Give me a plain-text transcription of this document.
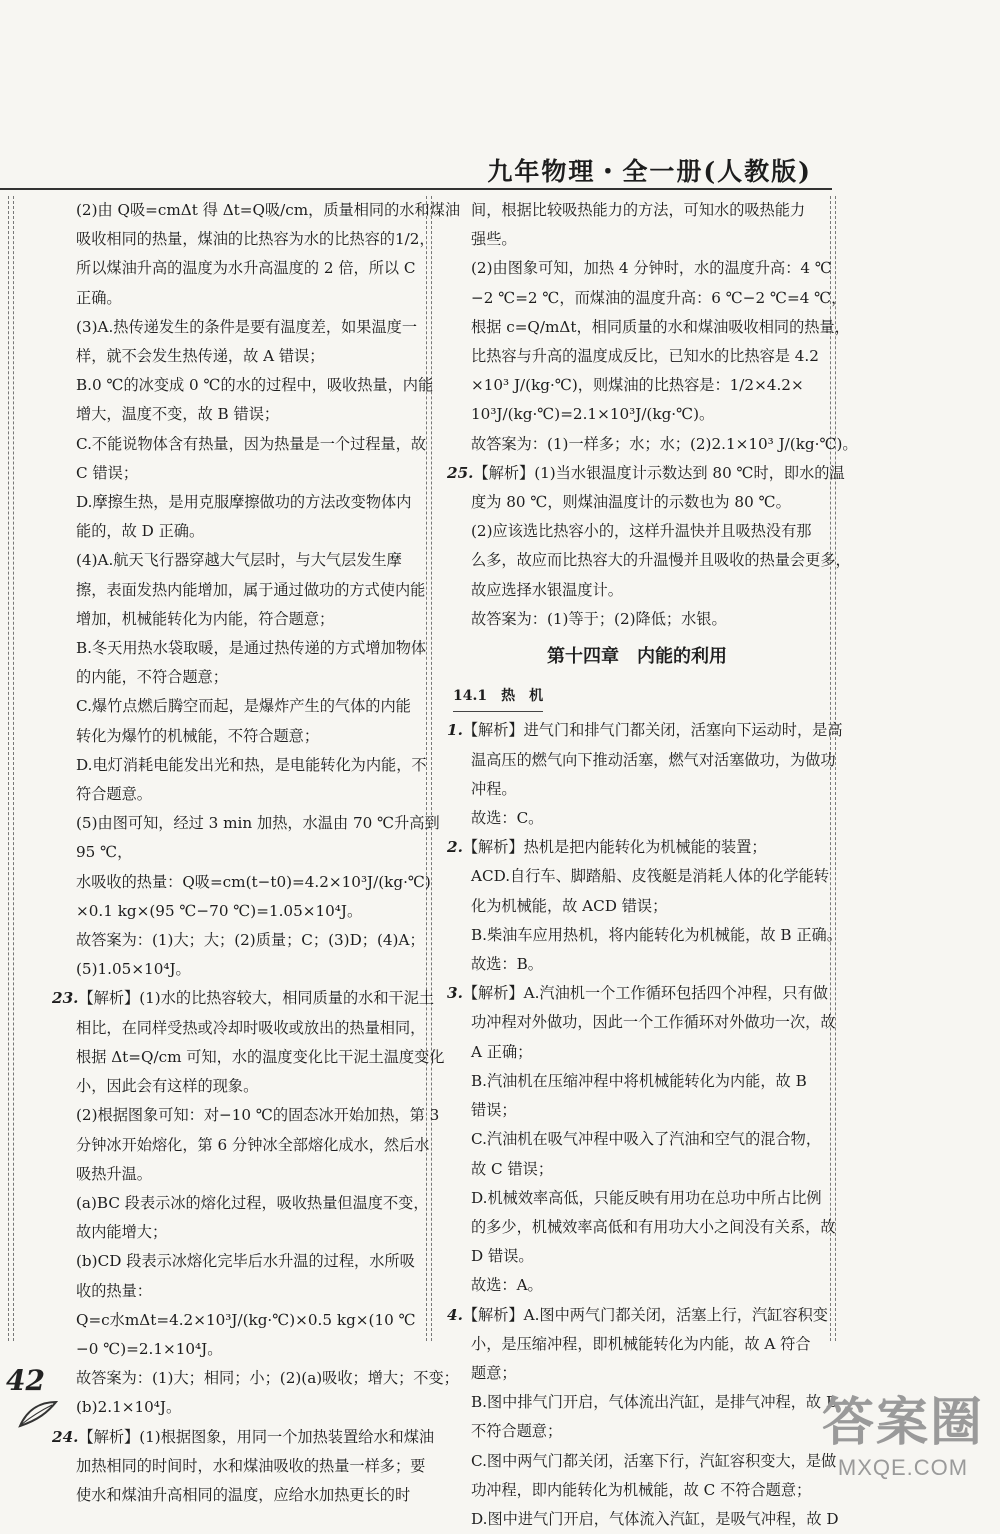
九年物理・全一册(人教版)
(2)由 Q吸=cmΔt 得 Δt=Q吸/cm，质量相同的水和煤油
吸收相同的热量，煤油的比热容为水的比热容的1/2，
所以煤油升高的温度为水升高温度的 2 倍，所以 C
正确。
(3)A.热传递发生的条件是要有温度差，如果温度一
样，就不会发生热传递，故 A 错误；
B.0 ℃的冰变成 0 ℃的水的过程中，吸收热量，内能
增大，温度不变，故 B 错误；
C.不能说物体含有热量，因为热量是一个过程量，故
C 错误；
D.摩擦生热，是用克服摩擦做功的方法改变物体内
能的，故 D 正确。
(4)A.航天飞行器穿越大气层时，与大气层发生摩
擦，表面发热内能增加，属于通过做功的方式使内能
增加，机械能转化为内能，符合题意；
B.冬天用热水袋取暖，是通过热传递的方式增加物体
的内能，不符合题意；
C.爆竹点燃后腾空而起，是爆炸产生的气体的内能
转化为爆竹的机械能，不符合题意；
D.电灯消耗电能发出光和热，是电能转化为内能，不
符合题意。
(5)由图可知，经过 3 min 加热，水温由 70 ℃升高到
95 ℃，
水吸收的热量：Q吸=cm(t−t0)=4.2×10³J/(kg·℃)
×0.1 kg×(95 ℃−70 ℃)=1.05×10⁴J。
故答案为：(1)大；大；(2)质量；C；(3)D；(4)A；
(5)1.05×10⁴J。
23.【解析】(1)水的比热容较大，相同质量的水和干泥土
相比，在同样受热或冷却时吸收或放出的热量相同，
根据 Δt=Q/cm 可知，水的温度变化比干泥土温度变化
小，因此会有这样的现象。
(2)根据图象可知：对−10 ℃的固态冰开始加热，第 3
分钟冰开始熔化，第 6 分钟冰全部熔化成水，然后水
吸热升温。
(a)BC 段表示冰的熔化过程，吸收热量但温度不变，
故内能增大；
(b)CD 段表示冰熔化完毕后水升温的过程，水所吸
收的热量：
Q=c水mΔt=4.2×10³J/(kg·℃)×0.5 kg×(10 ℃
−0 ℃)=2.1×10⁴J。
故答案为：(1)大；相同；小；(2)(a)吸收；增大；不变；
(b)2.1×10⁴J。
24.【解析】(1)根据图象，用同一个加热装置给水和煤油
加热相同的时间时，水和煤油吸收的热量一样多；要
使水和煤油升高相同的温度，应给水加热更长的时
间，根据比较吸热能力的方法，可知水的吸热能力
强些。
(2)由图象可知，加热 4 分钟时，水的温度升高：4 ℃
−2 ℃=2 ℃，而煤油的温度升高：6 ℃−2 ℃=4 ℃，
根据 c=Q/mΔt，相同质量的水和煤油吸收相同的热量，
比热容与升高的温度成反比，已知水的比热容是 4.2
×10³ J/(kg·℃)，则煤油的比热容是：1/2×4.2×
10³J/(kg·℃)=2.1×10³J/(kg·℃)。
故答案为：(1)一样多；水；水；(2)2.1×10³ J/(kg·℃)。
25.【解析】(1)当水银温度计示数达到 80 ℃时，即水的温
度为 80 ℃，则煤油温度计的示数也为 80 ℃。
(2)应该选比热容小的，这样升温快并且吸热没有那
么多，故应而比热容大的升温慢并且吸收的热量会更多，
故应选择水银温度计。
故答案为：(1)等于；(2)降低；水银。
第十四章　内能的利用
14.1　热　机
1.【解析】进气门和排气门都关闭，活塞向下运动时，是高
温高压的燃气向下推动活塞，燃气对活塞做功，为做功
冲程。
故选：C。
2.【解析】热机是把内能转化为机械能的装置；
ACD.自行车、脚踏船、皮筏艇是消耗人体的化学能转
化为机械能，故 ACD 错误；
B.柴油车应用热机，将内能转化为机械能，故 B 正确。
故选：B。
3.【解析】A.汽油机一个工作循环包括四个冲程，只有做
功冲程对外做功，因此一个工作循环对外做功一次，故
A 正确；
B.汽油机在压缩冲程中将机械能转化为内能，故 B
错误；
C.汽油机在吸气冲程中吸入了汽油和空气的混合物，
故 C 错误；
D.机械效率高低，只能反映有用功在总功中所占比例
的多少，机械效率高低和有用功大小之间没有关系，故
D 错误。
故选：A。
4.【解析】A.图中两气门都关闭，活塞上行，汽缸容积变
小，是压缩冲程，即机械能转化为内能，故 A 符合
题意；
B.图中排气门开启，气体流出汽缸，是排气冲程，故 B
不符合题意；
C.图中两气门都关闭，活塞下行，汽缸容积变大，是做
功冲程，即内能转化为机械能，故 C 不符合题意；
D.图中进气门开启，气体流入汽缸，是吸气冲程，故 D
42
答案圈
MXQE.COM
